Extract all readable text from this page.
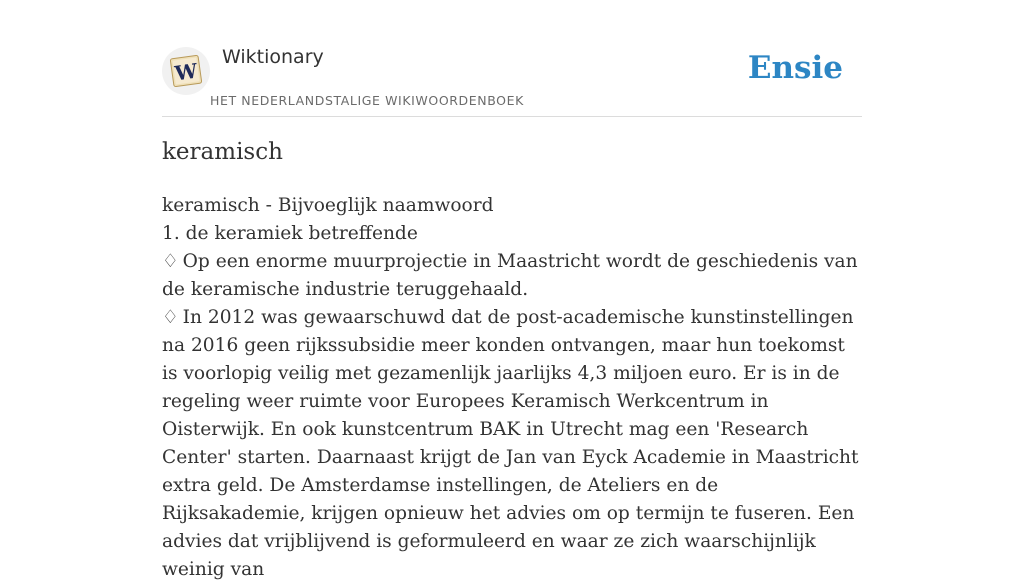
W
Wiktionary
HET NEDERLANDSTALIGE WIKIWOORDENBOEK
Ensie
keramisch

keramisch - Bijvoeglijk naamwoord

1. de keramiek betreffende

♢ Op een enorme muurprojectie in Maastricht wordt de geschiedenis van de keramische industrie teruggehaald.

♢ In 2012 was gewaarschuwd dat de post-academische kunstinstellingen na 2016 geen rijkssubsidie meer konden ontvangen, maar hun toekomst is voorlopig veilig met gezamenlijk jaarlijks 4,3 miljoen euro. Er is in de regeling weer ruimte voor Europees Keramisch Werkcentrum in Oisterwijk. En ook kunstcentrum BAK in Utrecht mag een 'Research Center' starten. Daarnaast krijgt de Jan van Eyck Academie in Maastricht extra geld. De Amsterdamse instellingen, de Ateliers en de Rijksakademie, krijgen opnieuw het advies om op termijn te fuseren. Een advies dat vrijblijvend is geformuleerd en waar ze zich waarschijnlijk weinig van
